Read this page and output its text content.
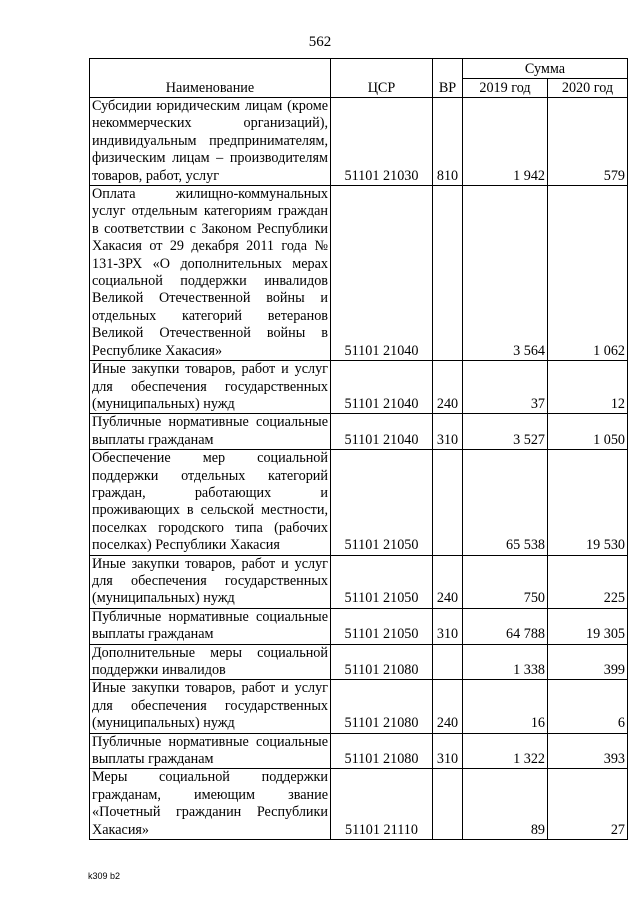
562
Наименование	ЦСР	ВР	Сумма	
			2019 год	2020 год
Субсидии юридическим лицам (кроме некоммерческих организаций), индивидуальным предпринимателям, физическим лицам – производителям товаров, работ, услуг	51101 21030	810	1 942	579
Оплата жилищно-коммунальных услуг отдельным категориям граждан в соответствии с Законом Республики Хакасия от 29 декабря 2011 года № 131-ЗРХ «О дополнительных мерах социальной поддержки инвалидов Великой Отечественной войны и отдельных категорий ветеранов Великой Отечественной войны в Республике Хакасия»	51101 21040		3 564	1 062
Иные закупки товаров, работ и услуг для обеспечения государственных (муниципальных) нужд	51101 21040	240	37	12
Публичные нормативные социальные выплаты гражданам	51101 21040	310	3 527	1 050
Обеспечение мер социальной поддержки отдельных категорий граждан, работающих и проживающих в сельской местности, поселках городского типа (рабочих поселках) Республики Хакасия	51101 21050		65 538	19 530
Иные закупки товаров, работ и услуг для обеспечения государственных (муниципальных) нужд	51101 21050	240	750	225
Публичные нормативные социальные выплаты гражданам	51101 21050	310	64 788	19 305
Дополнительные меры социальной поддержки инвалидов	51101 21080		1 338	399
Иные закупки товаров, работ и услуг для обеспечения государственных (муниципальных) нужд	51101 21080	240	16	6
Публичные нормативные социальные выплаты гражданам	51101 21080	310	1 322	393
Меры социальной поддержки гражданам, имеющим звание «Почетный гражданин Республики Хакасия»	51101 21110		89	27
k309 b2
